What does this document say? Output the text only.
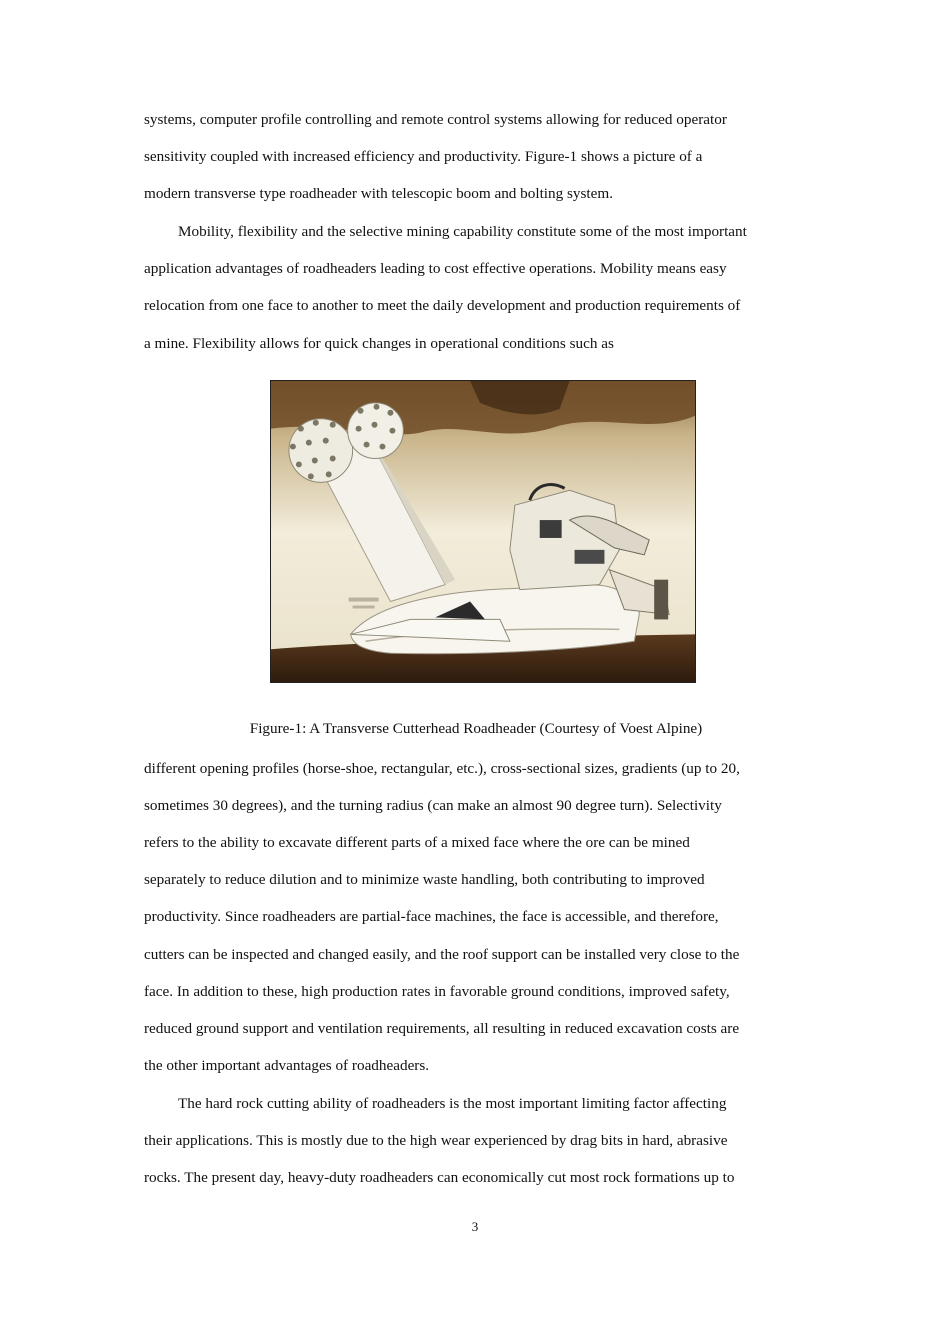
systems, computer profile controlling and remote control systems allowing for reduced operator
sensitivity coupled with increased efficiency and productivity. Figure-1 shows a picture of a
modern transverse type roadheader with telescopic boom and bolting system.
Mobility, flexibility and the selective mining capability constitute some of the most important
application advantages of roadheaders leading to cost effective operations. Mobility means easy
relocation from one face to another to meet the daily development and production requirements of
a mine. Flexibility allows for quick changes in operational conditions such as
Figure-1: A Transverse Cutterhead Roadheader (Courtesy of Voest Alpine)
different opening profiles (horse-shoe, rectangular, etc.), cross-sectional sizes, gradients (up to 20,
sometimes 30 degrees), and the turning radius (can make an almost 90 degree turn). Selectivity
refers to the ability to excavate different parts of a mixed face where the ore can be mined
separately to reduce dilution and to minimize waste handling, both contributing to improved
productivity. Since roadheaders are partial-face machines, the face is accessible, and therefore,
cutters can be inspected and changed easily, and the roof support can be installed very close to the
face. In addition to these, high production rates in favorable ground conditions, improved safety,
reduced ground support and ventilation requirements, all resulting in reduced excavation costs are
the other important advantages of roadheaders.
The hard rock cutting ability of roadheaders is the most important limiting factor affecting
their applications. This is mostly due to the high wear experienced by drag bits in hard, abrasive
rocks. The present day, heavy-duty roadheaders can economically cut most rock formations up to
3
